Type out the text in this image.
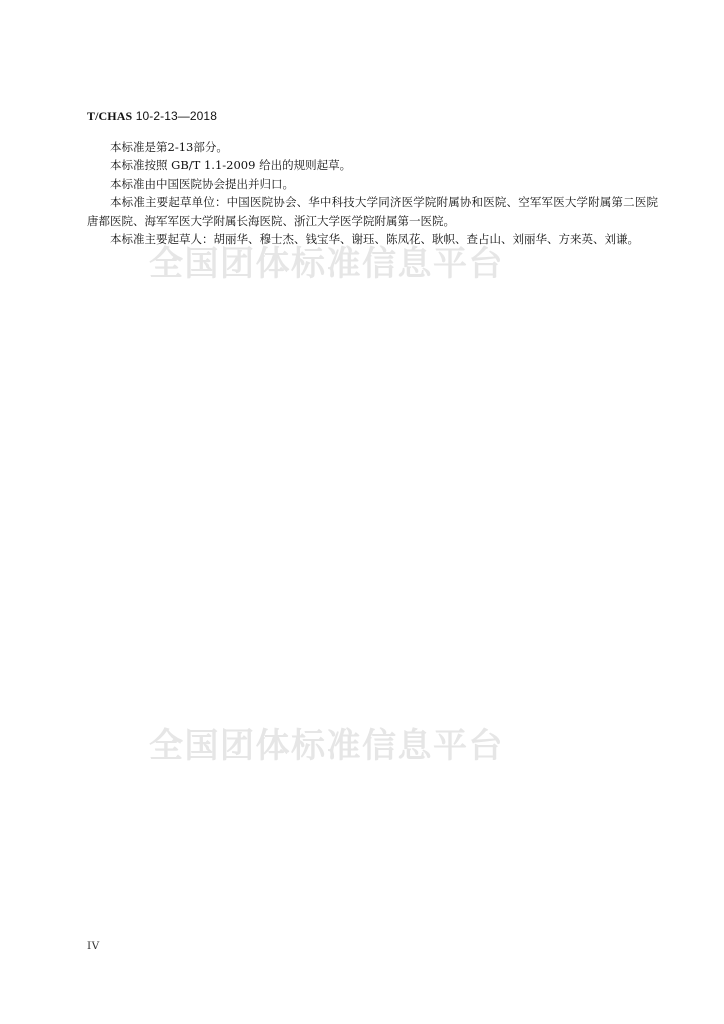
全国团体标准信息平台
全国团体标准信息平台
T/CHAS 10-2-13—2018

本标准是第2-13部分。

本标准按照 GB/T 1.1-2009 给出的规则起草。

本标准由中国医院协会提出并归口。

本标准主要起草单位：中国医院协会、华中科技大学同济医学院附属协和医院、空军军医大学附属第二医院唐都医院、海军军医大学附属长海医院、浙江大学医学院附属第一医院。

本标准主要起草人：胡丽华、穆士杰、钱宝华、谢珏、陈凤花、耿帜、查占山、刘丽华、方来英、刘谦。

IV
